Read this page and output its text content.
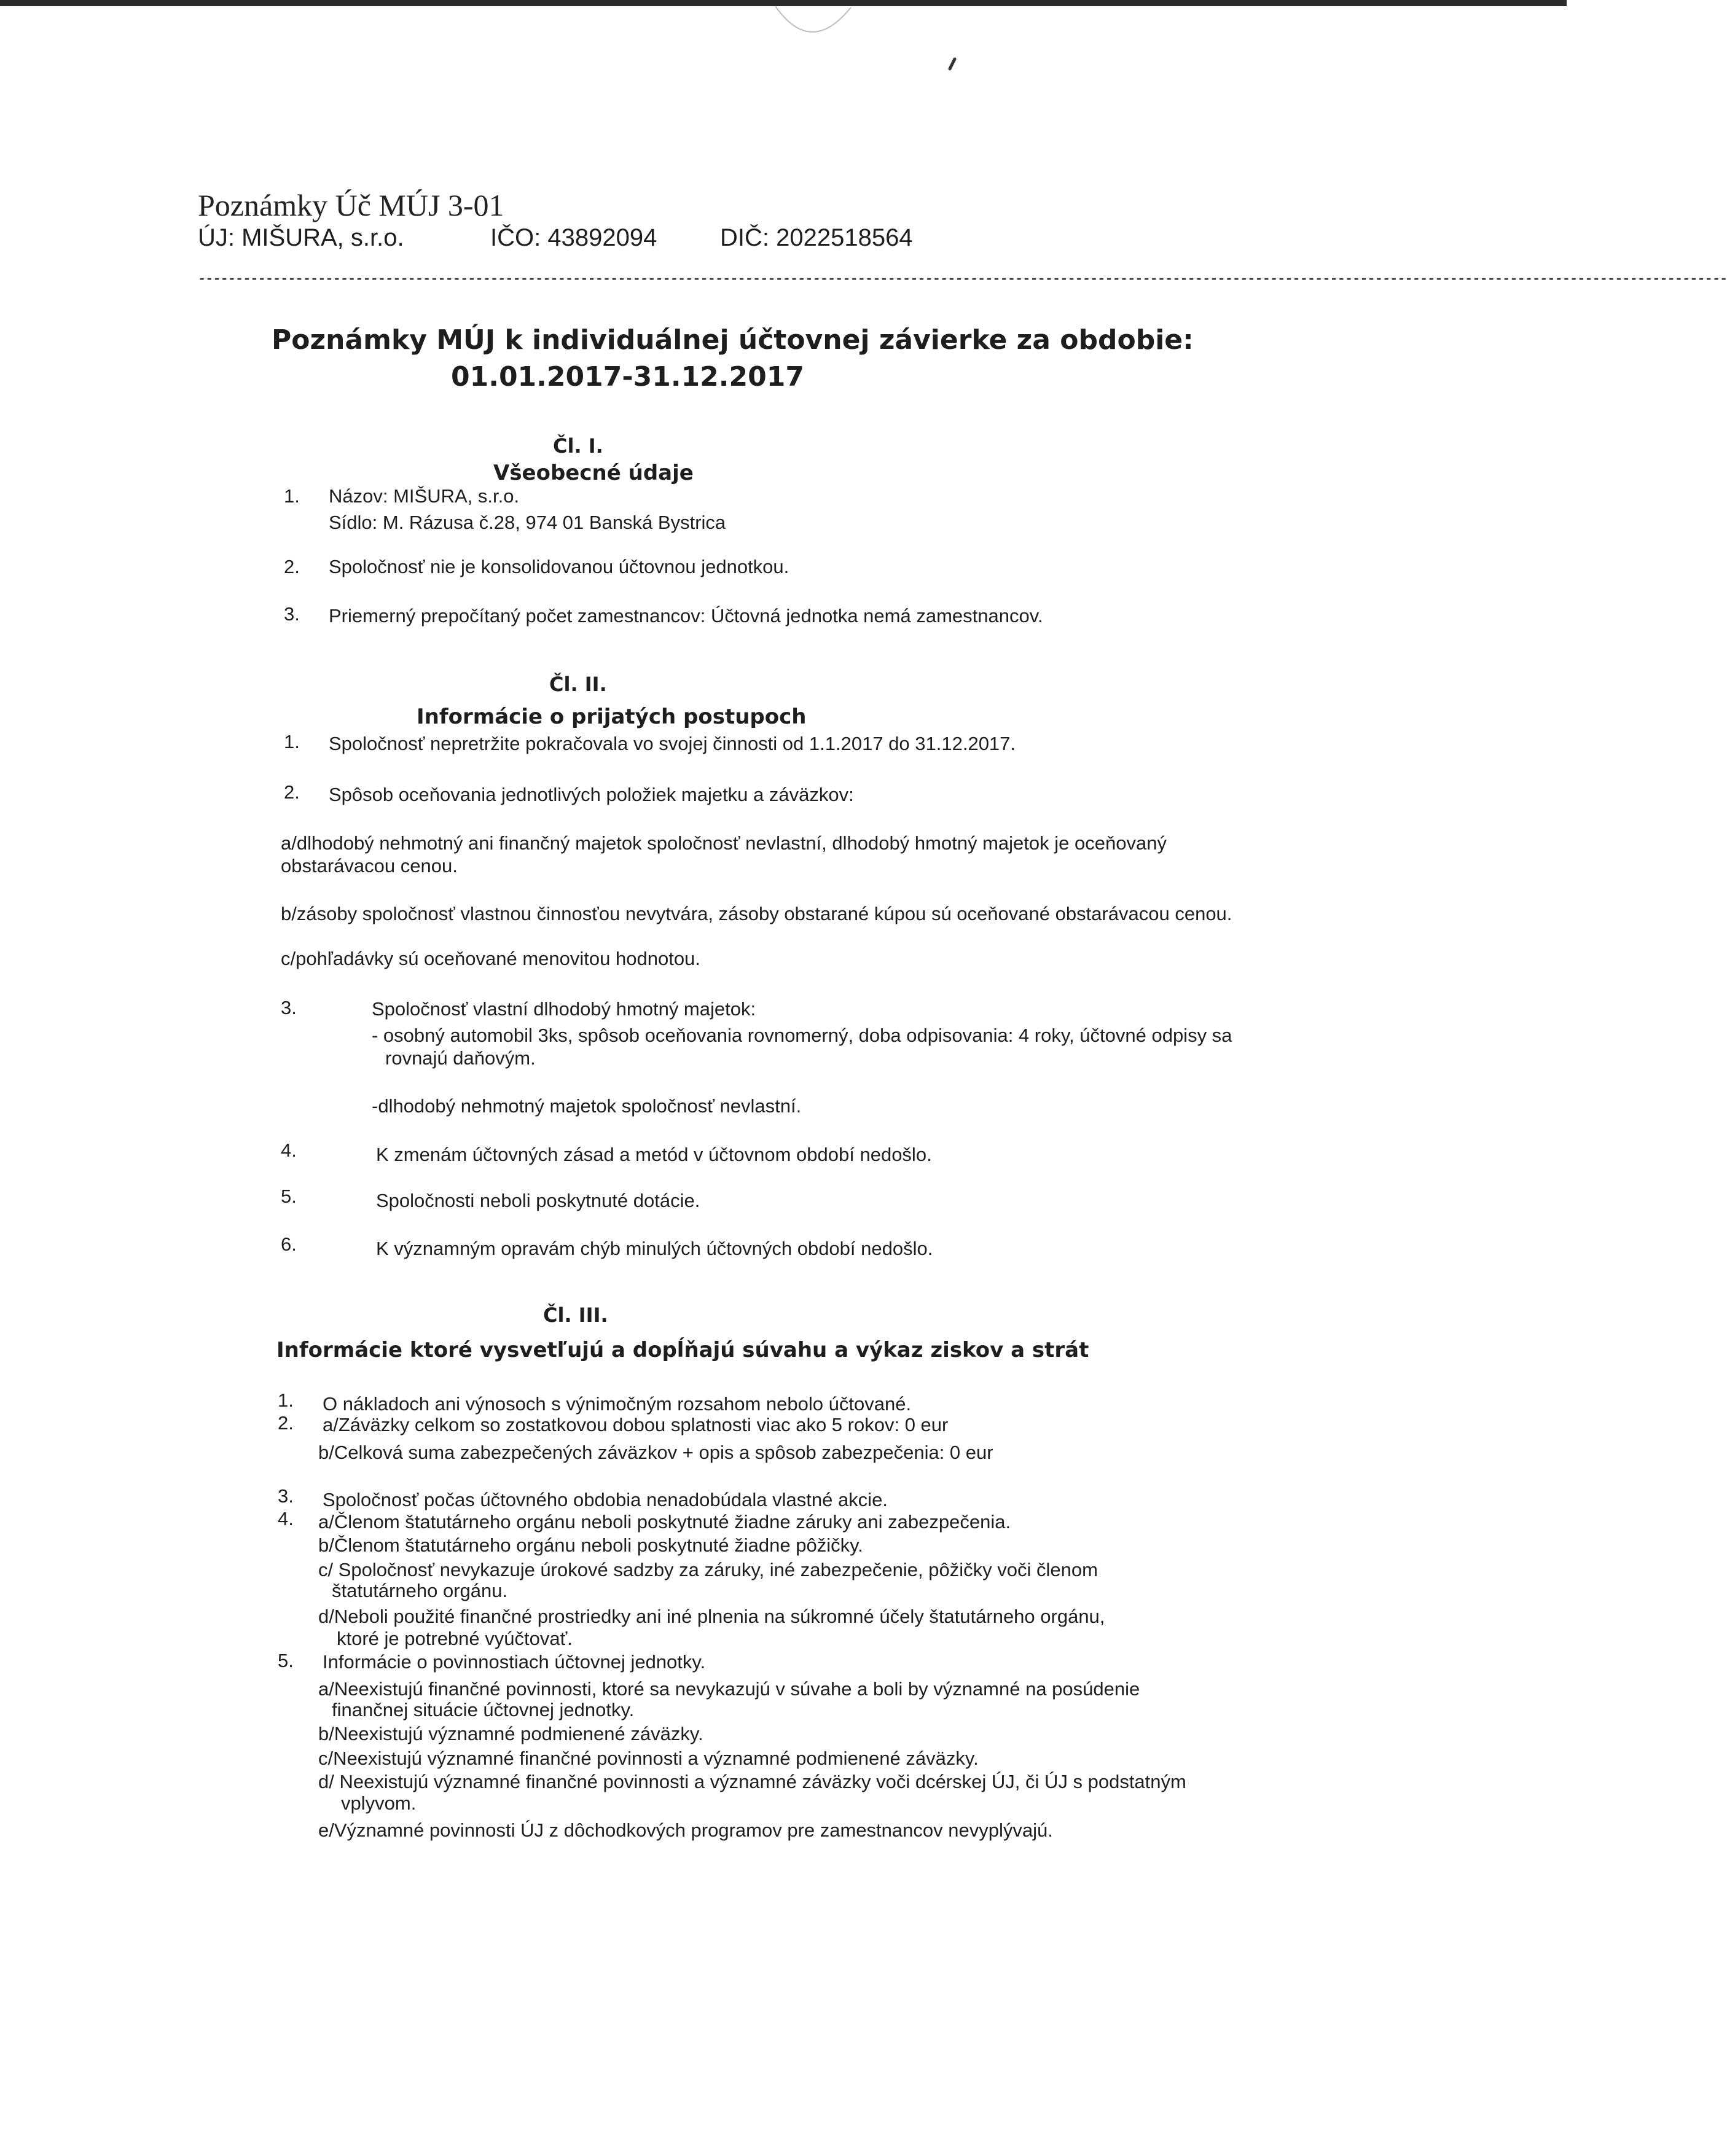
Poznámky Úč MÚJ 3-01
ÚJ: MIŠURA, s.r.o.	IČO: 43892094	DIČ: 2022518564
------------------------------------------------------------------------------------------------------------------------------------------------------------------------------------------------------------
Poznámky MÚJ k individuálnej účtovnej závierke za obdobie:
01.01.2017-31.12.2017
Čl. I.
Všeobecné údaje
1. Názov: MIŠURA, s.r.o.
Sídlo: M. Rázusa č.28, 974 01 Banská Bystrica
2. Spoločnosť nie je konsolidovanou účtovnou jednotkou.
3. Priemerný prepočítaný počet zamestnancov: Účtovná jednotka nemá zamestnancov.
Čl. II.
Informácie o prijatých postupoch
1. Spoločnosť nepretržite pokračovala vo svojej činnosti od 1.1.2017 do 31.12.2017.
2. Spôsob oceňovania jednotlivých položiek majetku a záväzkov:
a/dlhodobý nehmotný ani finančný majetok spoločnosť nevlastní, dlhodobý hmotný majetok je oceňovaný
obstarávacou cenou.
b/zásoby spoločnosť vlastnou činnosťou nevytvára, zásoby obstarané kúpou sú oceňované obstarávacou cenou.
c/pohľadávky sú oceňované menovitou hodnotou.
3.	Spoločnosť vlastní dlhodobý hmotný majetok:
- osobný automobil 3ks, spôsob oceňovania rovnomerný, doba odpisovania: 4 roky, účtovné odpisy sa
rovnajú daňovým.
-dlhodobý nehmotný majetok spoločnosť nevlastní.
4.	K zmenám účtovných zásad a metód v účtovnom období nedošlo.
5.	Spoločnosti neboli poskytnuté dotácie.
6.	K významným opravám chýb minulých účtovných období nedošlo.
Čl. III.
Informácie ktoré vysvetľujú a dopĺňajú súvahu a výkaz ziskov a strát
1. O nákladoch ani výnosoch s výnimočným rozsahom nebolo účtované.
2. a/Záväzky celkom so zostatkovou dobou splatnosti viac ako 5 rokov: 0 eur
b/Celková suma zabezpečených záväzkov + opis a spôsob zabezpečenia: 0 eur
3. Spoločnosť počas účtovného obdobia nenadobúdala vlastné akcie.
4. a/Členom štatutárneho orgánu neboli poskytnuté žiadne záruky ani zabezpečenia.
b/Členom štatutárneho orgánu neboli poskytnuté žiadne pôžičky.
c/ Spoločnosť nevykazuje úrokové sadzby za záruky, iné zabezpečenie, pôžičky voči členom
štatutárneho orgánu.
d/Neboli použité finančné prostriedky ani iné plnenia na súkromné účely štatutárneho orgánu,
ktoré je potrebné vyúčtovať.
5. Informácie o povinnostiach účtovnej jednotky.
a/Neexistujú finančné povinnosti, ktoré sa nevykazujú v súvahe a boli by významné na posúdenie
finančnej situácie účtovnej jednotky.
b/Neexistujú významné podmienené záväzky.
c/Neexistujú významné finančné povinnosti a významné podmienené záväzky.
d/ Neexistujú významné finančné povinnosti a významné záväzky voči dcérskej ÚJ, či ÚJ s podstatným
vplyvom.
e/Významné povinnosti ÚJ z dôchodkových programov pre zamestnancov nevyplývajú.
